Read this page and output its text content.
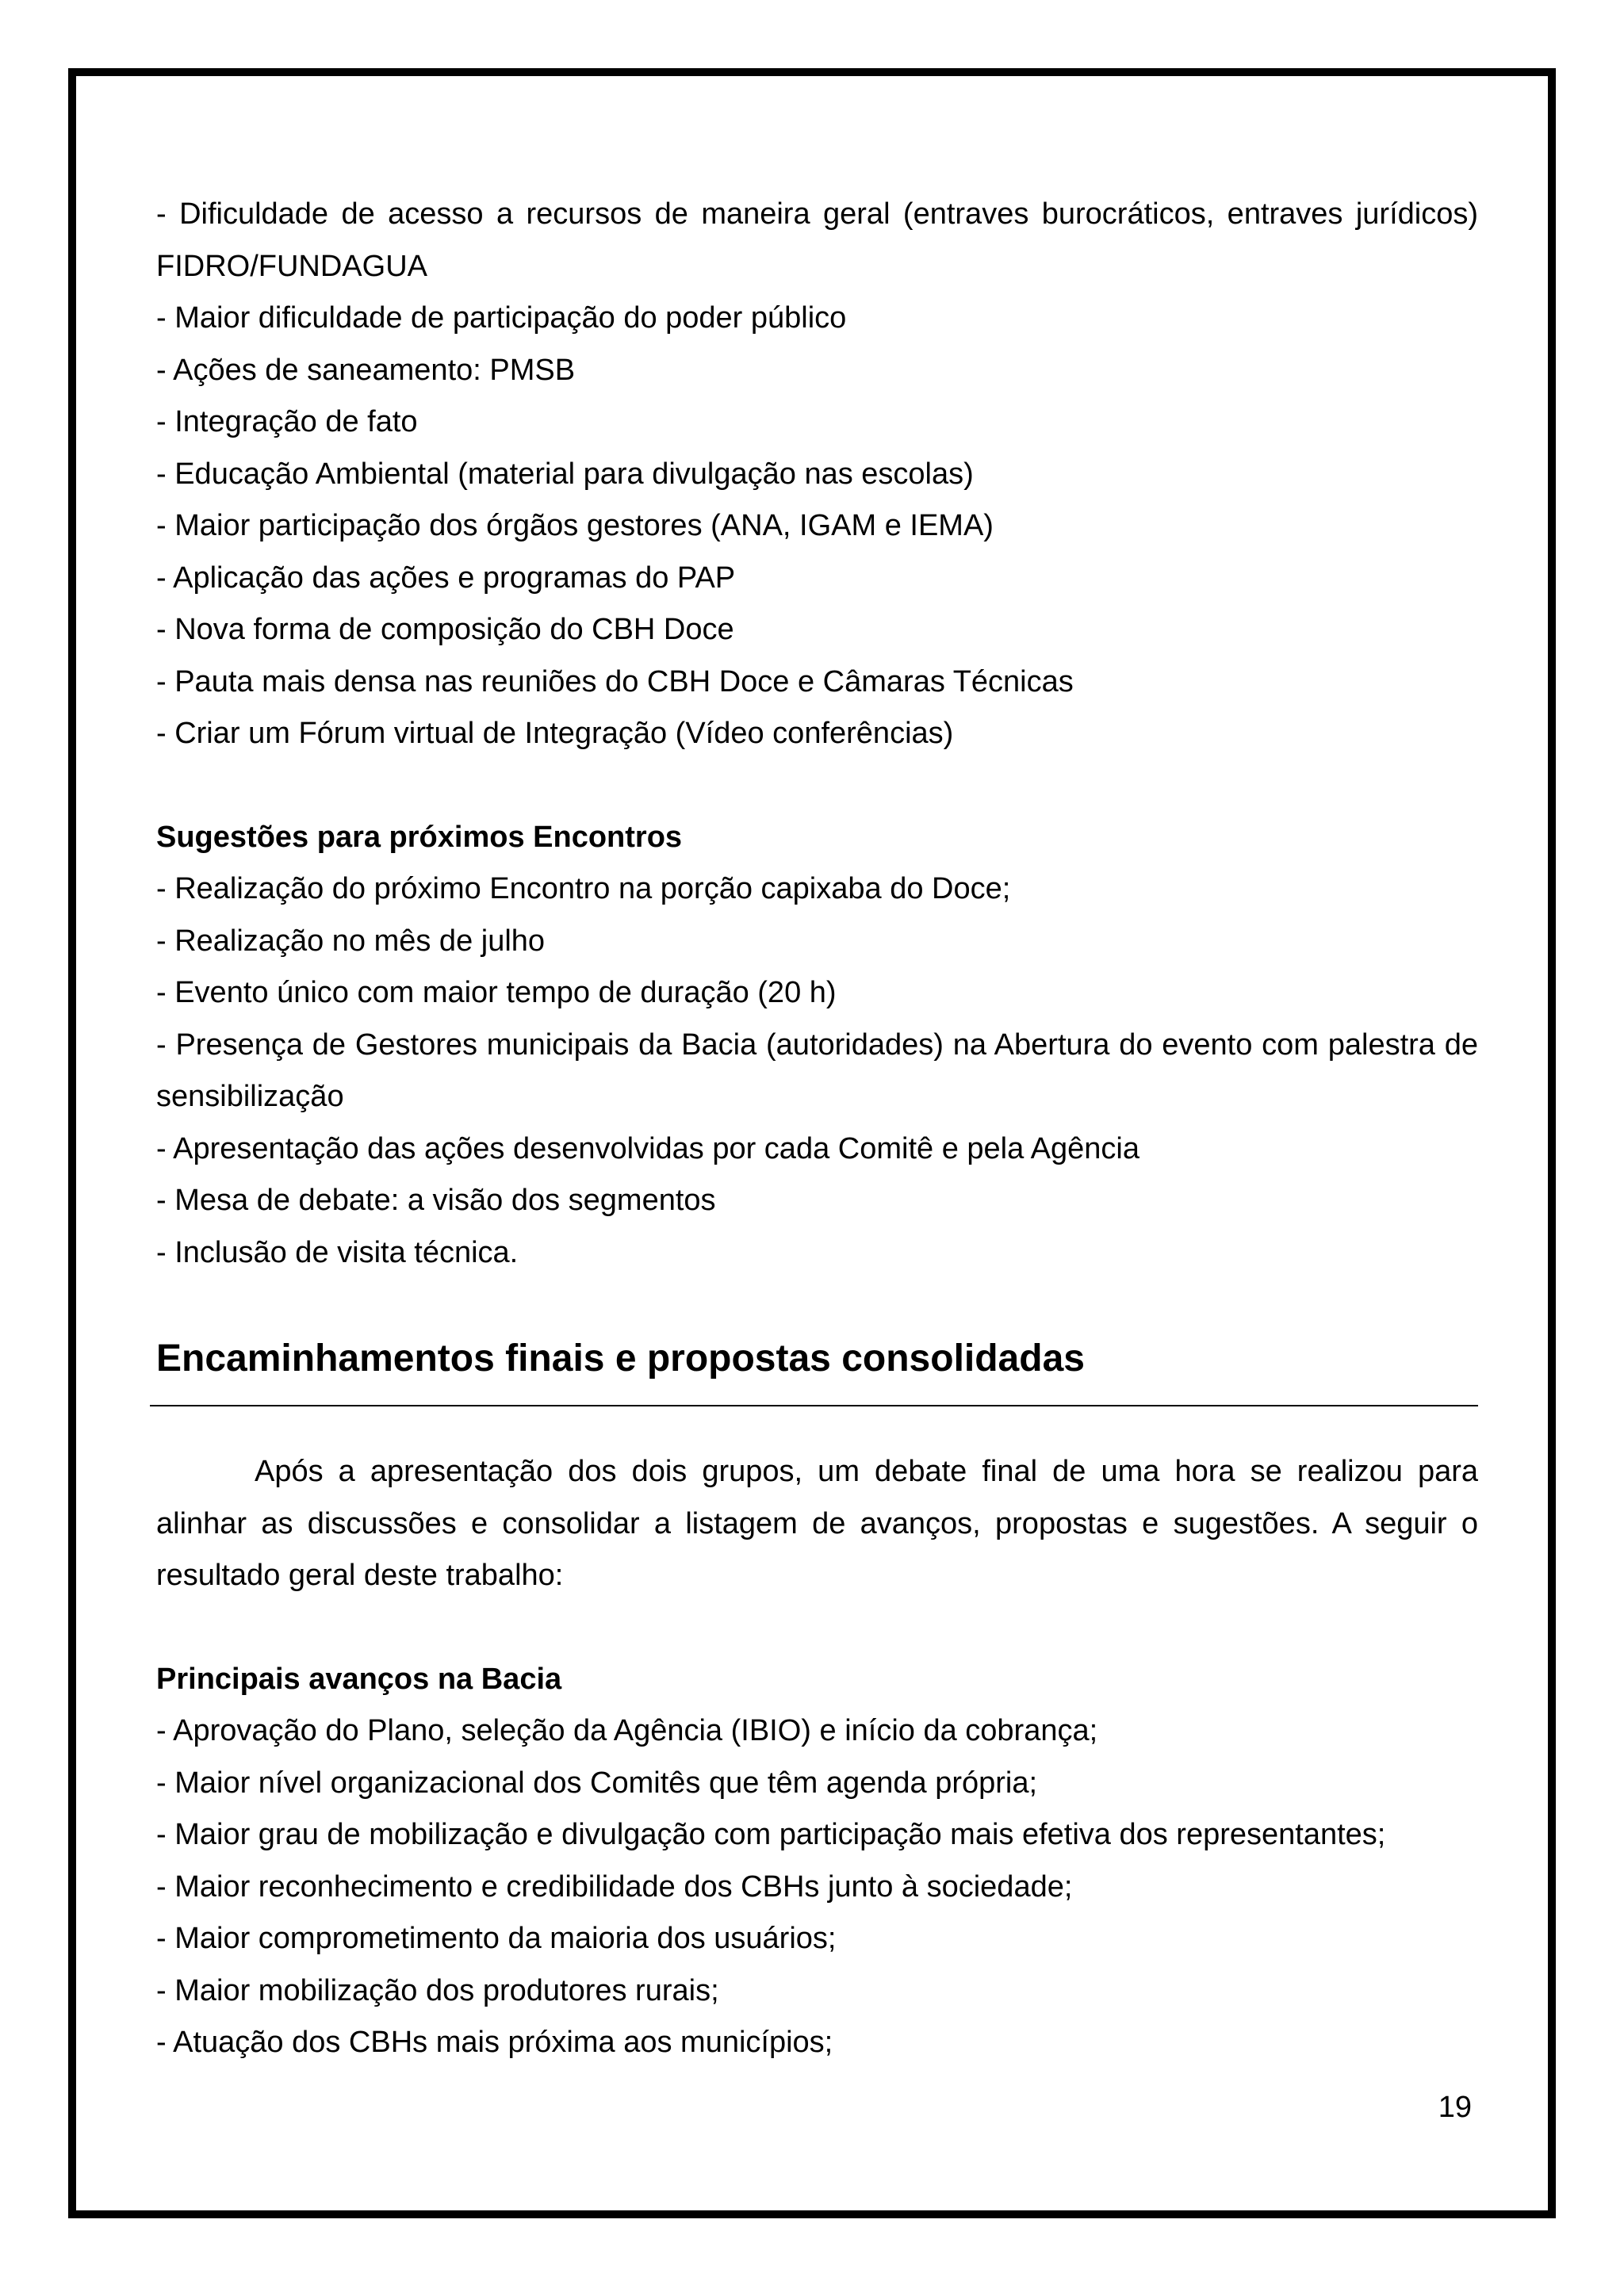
- Dificuldade de acesso a recursos de maneira geral (entraves burocráticos, entraves jurídicos) FIDRO/FUNDAGUA

- Maior dificuldade de participação do poder público

- Ações de saneamento: PMSB

- Integração de fato

- Educação Ambiental (material para divulgação nas escolas)

- Maior participação dos órgãos gestores (ANA, IGAM e IEMA)

- Aplicação das ações e programas do PAP

- Nova forma de composição do CBH Doce

- Pauta mais densa nas reuniões do CBH Doce e Câmaras Técnicas

- Criar um Fórum virtual de Integração (Vídeo conferências)

Sugestões para próximos Encontros

- Realização do próximo Encontro na porção capixaba do Doce;

- Realização no mês de julho

- Evento único com maior tempo de duração (20 h)

- Presença de Gestores municipais da Bacia (autoridades) na Abertura do evento com palestra de sensibilização

- Apresentação das ações desenvolvidas por cada Comitê e pela Agência

- Mesa de debate: a visão dos segmentos

- Inclusão de visita técnica.

Encaminhamentos finais e propostas consolidadas

Após a apresentação dos dois grupos, um debate final de uma hora se realizou para alinhar as discussões e consolidar a listagem de avanços, propostas e sugestões. A seguir o resultado geral deste trabalho:

Principais avanços na Bacia

- Aprovação do Plano, seleção da Agência (IBIO) e início da cobrança;

- Maior nível organizacional dos Comitês que têm agenda própria;

- Maior grau de mobilização e divulgação com participação mais efetiva dos representantes;

- Maior reconhecimento e credibilidade dos CBHs junto à sociedade;

- Maior comprometimento da maioria dos usuários;

- Maior mobilização dos produtores rurais;

- Atuação dos CBHs mais próxima aos municípios;

19
